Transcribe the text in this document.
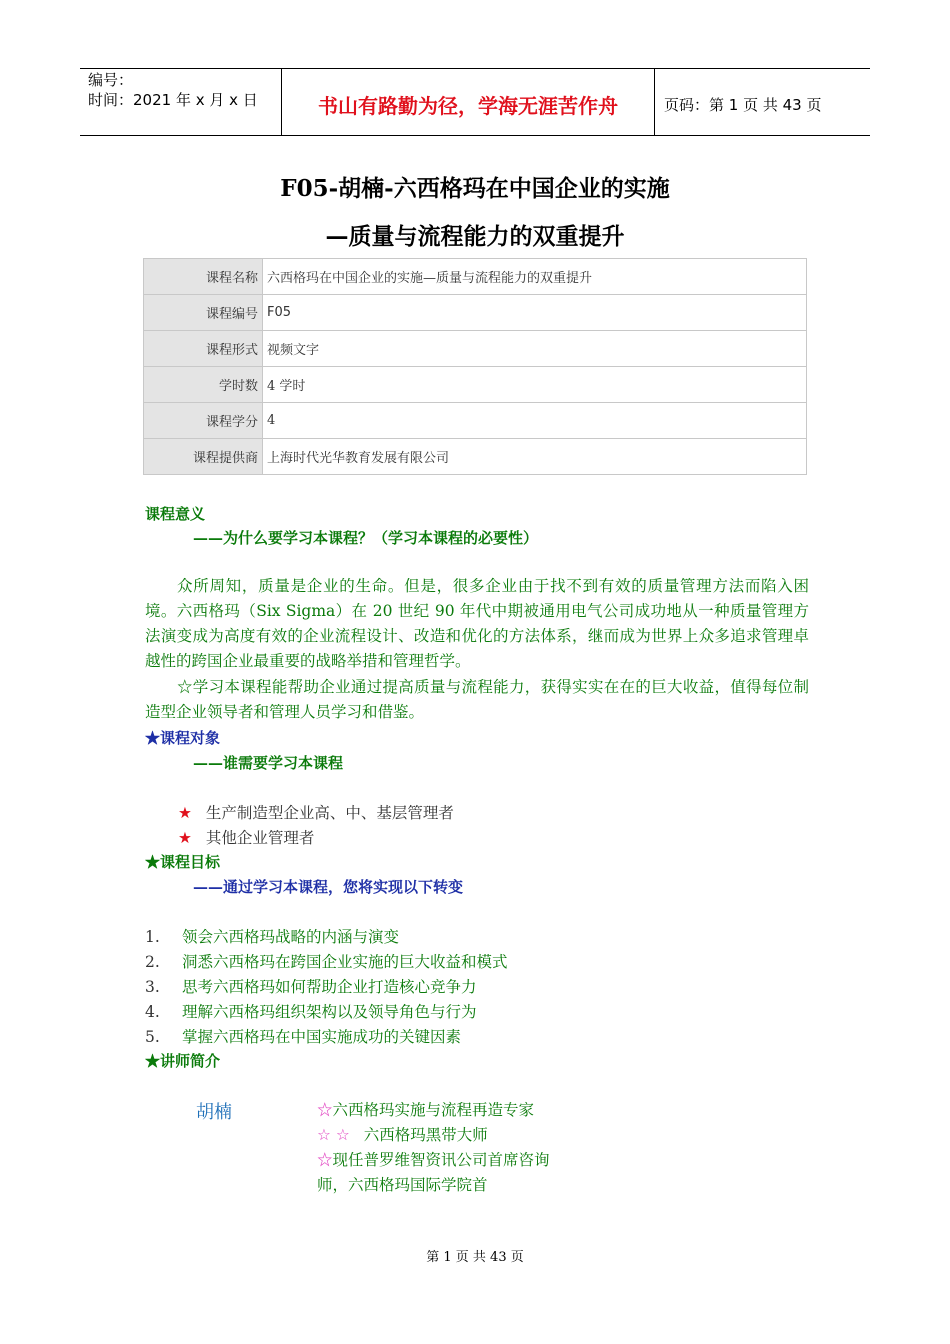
编号：
时间：2021 年 x 月 x 日	书山有路勤为径，学海无涯苦作舟	页码：第 1 页 共 43 页
F05-胡楠-六西格玛在中国企业的实施
—质量与流程能力的双重提升
课程名称	六西格玛在中国企业的实施—质量与流程能力的双重提升
课程编号	F05
课程形式	视频文字
学时数	4 学时
课程学分	4
课程提供商	上海时代光华教育发展有限公司
课程意义
——为什么要学习本课程？（学习本课程的必要性）
众所周知，质量是企业的生命。但是，很多企业由于找不到有效的质量管理方法而陷入困境。六西格玛（Six Sigma）在 20 世纪 90 年代中期被通用电气公司成功地从一种质量管理方法演变成为高度有效的企业流程设计、改造和优化的方法体系，继而成为世界上众多追求管理卓越性的跨国企业最重要的战略举措和管理哲学。
☆学习本课程能帮助企业通过提高质量与流程能力，获得实实在在的巨大收益，值得每位制造型企业领导者和管理人员学习和借鉴。
★课程对象
——谁需要学习本课程
★ 生产制造型企业高、中、基层管理者
★ 其他企业管理者
★课程目标
——通过学习本课程，您将实现以下转变
1. 领会六西格玛战略的内涵与演变
2. 洞悉六西格玛在跨国企业实施的巨大收益和模式
3. 思考六西格玛如何帮助企业打造核心竞争力
4. 理解六西格玛组织架构以及领导角色与行为
5. 掌握六西格玛在中国实施成功的关键因素
★讲师简介
胡楠	☆六西格玛实施与流程再造专家
☆ ☆ 六西格玛黑带大师
☆现任普罗维智资讯公司首席咨询师，六西格玛国际学院首
第 1 页 共 43 页
